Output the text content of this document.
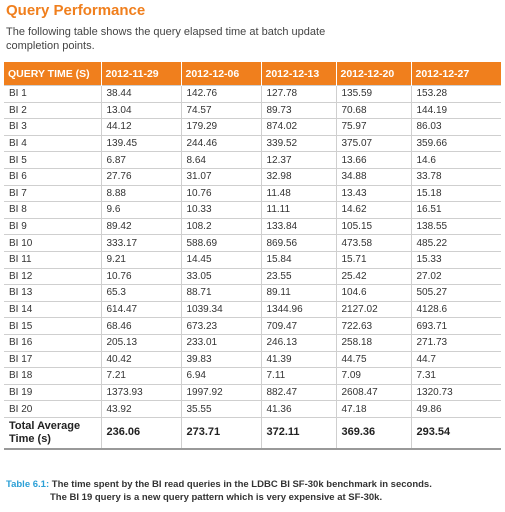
Query Performance
The following table shows the query elapsed time at batch update completion points.
QUERY TIME (S)	2012-11-29	2012-12-06	2012-12-13	2012-12-20	2012-12-27
BI 1	38.44	142.76	127.78	135.59	153.28
BI 2	13.04	74.57	89.73	70.68	144.19
BI 3	44.12	179.29	874.02	75.97	86.03
BI 4	139.45	244.46	339.52	375.07	359.66
BI 5	6.87	8.64	12.37	13.66	14.6
BI 6	27.76	31.07	32.98	34.88	33.78
BI 7	8.88	10.76	11.48	13.43	15.18
BI 8	9.6	10.33	11.11	14.62	16.51
BI 9	89.42	108.2	133.84	105.15	138.55
BI 10	333.17	588.69	869.56	473.58	485.22
BI 11	9.21	14.45	15.84	15.71	15.33
BI 12	10.76	33.05	23.55	25.42	27.02
BI 13	65.3	88.71	89.11	104.6	505.27
BI 14	614.47	1039.34	1344.96	2127.02	4128.6
BI 15	68.46	673.23	709.47	722.63	693.71
BI 16	205.13	233.01	246.13	258.18	271.73
BI 17	40.42	39.83	41.39	44.75	44.7
BI 18	7.21	6.94	7.11	7.09	7.31
BI 19	1373.93	1997.92	882.47	2608.47	1320.73
BI 20	43.92	35.55	41.36	47.18	49.86
Total Average Time (s)	236.06	273.71	372.11	369.36	293.54
Table 6.1: The time spent by the BI read queries in the LDBC BI SF-30k benchmark in seconds.
The BI 19 query is a new query pattern which is very expensive at SF-30k.
